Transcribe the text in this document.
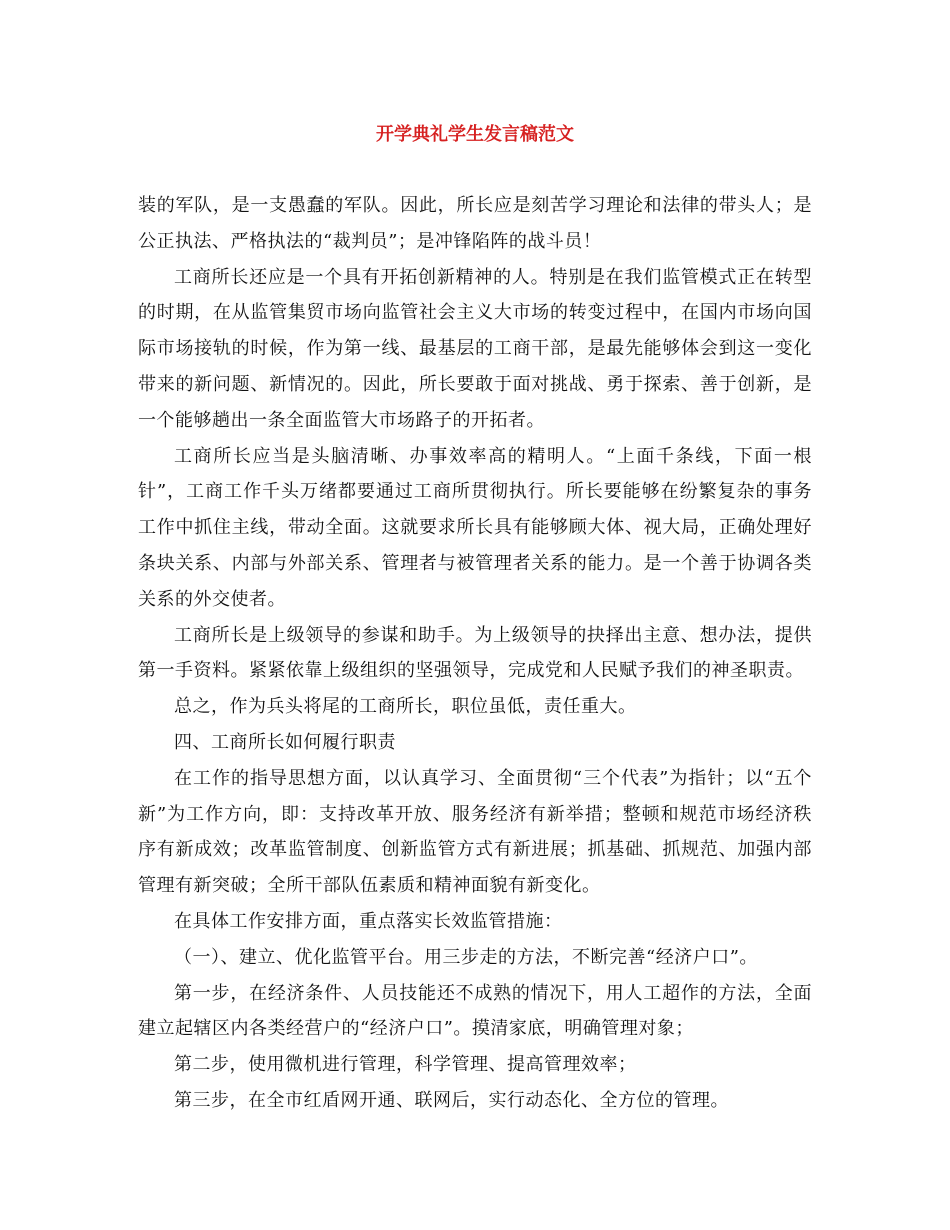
开学典礼学生发言稿范文

装的军队，是一支愚蠢的军队。因此，所长应是刻苦学习理论和法律的带头人；是公正执法、严格执法的“裁判员”；是冲锋陷阵的战斗员！

工商所长还应是一个具有开拓创新精神的人。特别是在我们监管模式正在转型的时期，在从监管集贸市场向监管社会主义大市场的转变过程中，在国内市场向国际市场接轨的时候，作为第一线、最基层的工商干部，是最先能够体会到这一变化带来的新问题、新情况的。因此，所长要敢于面对挑战、勇于探索、善于创新，是一个能够趟出一条全面监管大市场路子的开拓者。

工商所长应当是头脑清晰、办事效率高的精明人。“上面千条线，下面一根针”，工商工作千头万绪都要通过工商所贯彻执行。所长要能够在纷繁复杂的事务工作中抓住主线，带动全面。这就要求所长具有能够顾大体、视大局，正确处理好条块关系、内部与外部关系、管理者与被管理者关系的能力。是一个善于协调各类关系的外交使者。

工商所长是上级领导的参谋和助手。为上级领导的抉择出主意、想办法，提供第一手资料。紧紧依靠上级组织的坚强领导，完成党和人民赋予我们的神圣职责。

总之，作为兵头将尾的工商所长，职位虽低，责任重大。

四、工商所长如何履行职责

在工作的指导思想方面，以认真学习、全面贯彻“三个代表”为指针；以“五个新”为工作方向，即：支持改革开放、服务经济有新举措；整顿和规范市场经济秩序有新成效；改革监管制度、创新监管方式有新进展；抓基础、抓规范、加强内部管理有新突破；全所干部队伍素质和精神面貌有新变化。

在具体工作安排方面，重点落实长效监管措施：

（一）、建立、优化监管平台。用三步走的方法，不断完善“经济户口”。

第一步，在经济条件、人员技能还不成熟的情况下，用人工超作的方法，全面建立起辖区内各类经营户的“经济户口”。摸清家底，明确管理对象；

第二步，使用微机进行管理，科学管理、提高管理效率；

第三步，在全市红盾网开通、联网后，实行动态化、全方位的管理。
